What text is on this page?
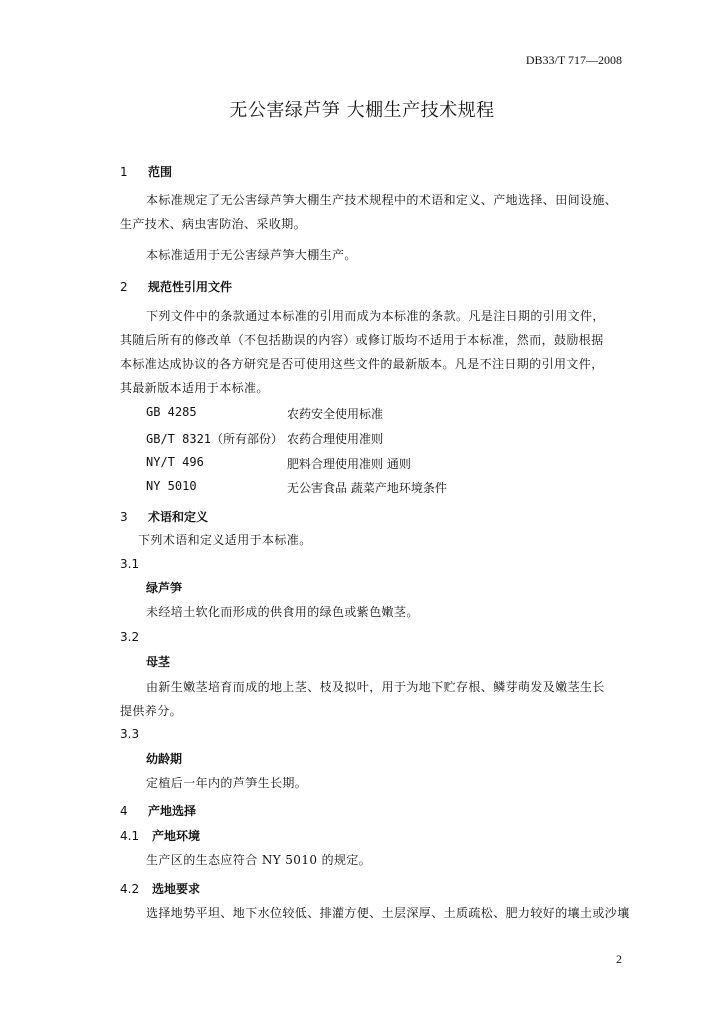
DB33/T 717—2008
无公害绿芦笋 大棚生产技术规程
1 范围
本标准规定了无公害绿芦笋大棚生产技术规程中的术语和定义、产地选择、田间设施、
生产技术、病虫害防治、采收期。
本标准适用于无公害绿芦笋大棚生产。
2 规范性引用文件
下列文件中的条款通过本标准的引用而成为本标准的条款。凡是注日期的引用文件，
其随后所有的修改单（不包括勘误的内容）或修订版均不适用于本标准，然而，鼓励根据
本标准达成协议的各方研究是否可使用这些文件的最新版本。凡是不注日期的引用文件，
其最新版本适用于本标准。
GB 4285	农药安全使用标准
GB/T 8321（所有部份） 农药合理使用准则
NY/T 496	肥料合理使用准则 通则
NY 5010	无公害食品 蔬菜产地环境条件
3 术语和定义
下列术语和定义适用于本标准。
3.1
绿芦笋
未经培土软化而形成的供食用的绿色或紫色嫩茎。
3.2
母茎
由新生嫩茎培育而成的地上茎、枝及拟叶，用于为地下贮存根、鳞芽萌发及嫩茎生长
提供养分。
3.3
幼龄期
定植后一年内的芦笋生长期。
4 产地选择
4.1 产地环境
生产区的生态应符合 NY 5010 的规定。
4.2 选地要求
选择地势平坦、地下水位较低、排灌方便、土层深厚、土质疏松、肥力较好的壤土或沙壤
2
